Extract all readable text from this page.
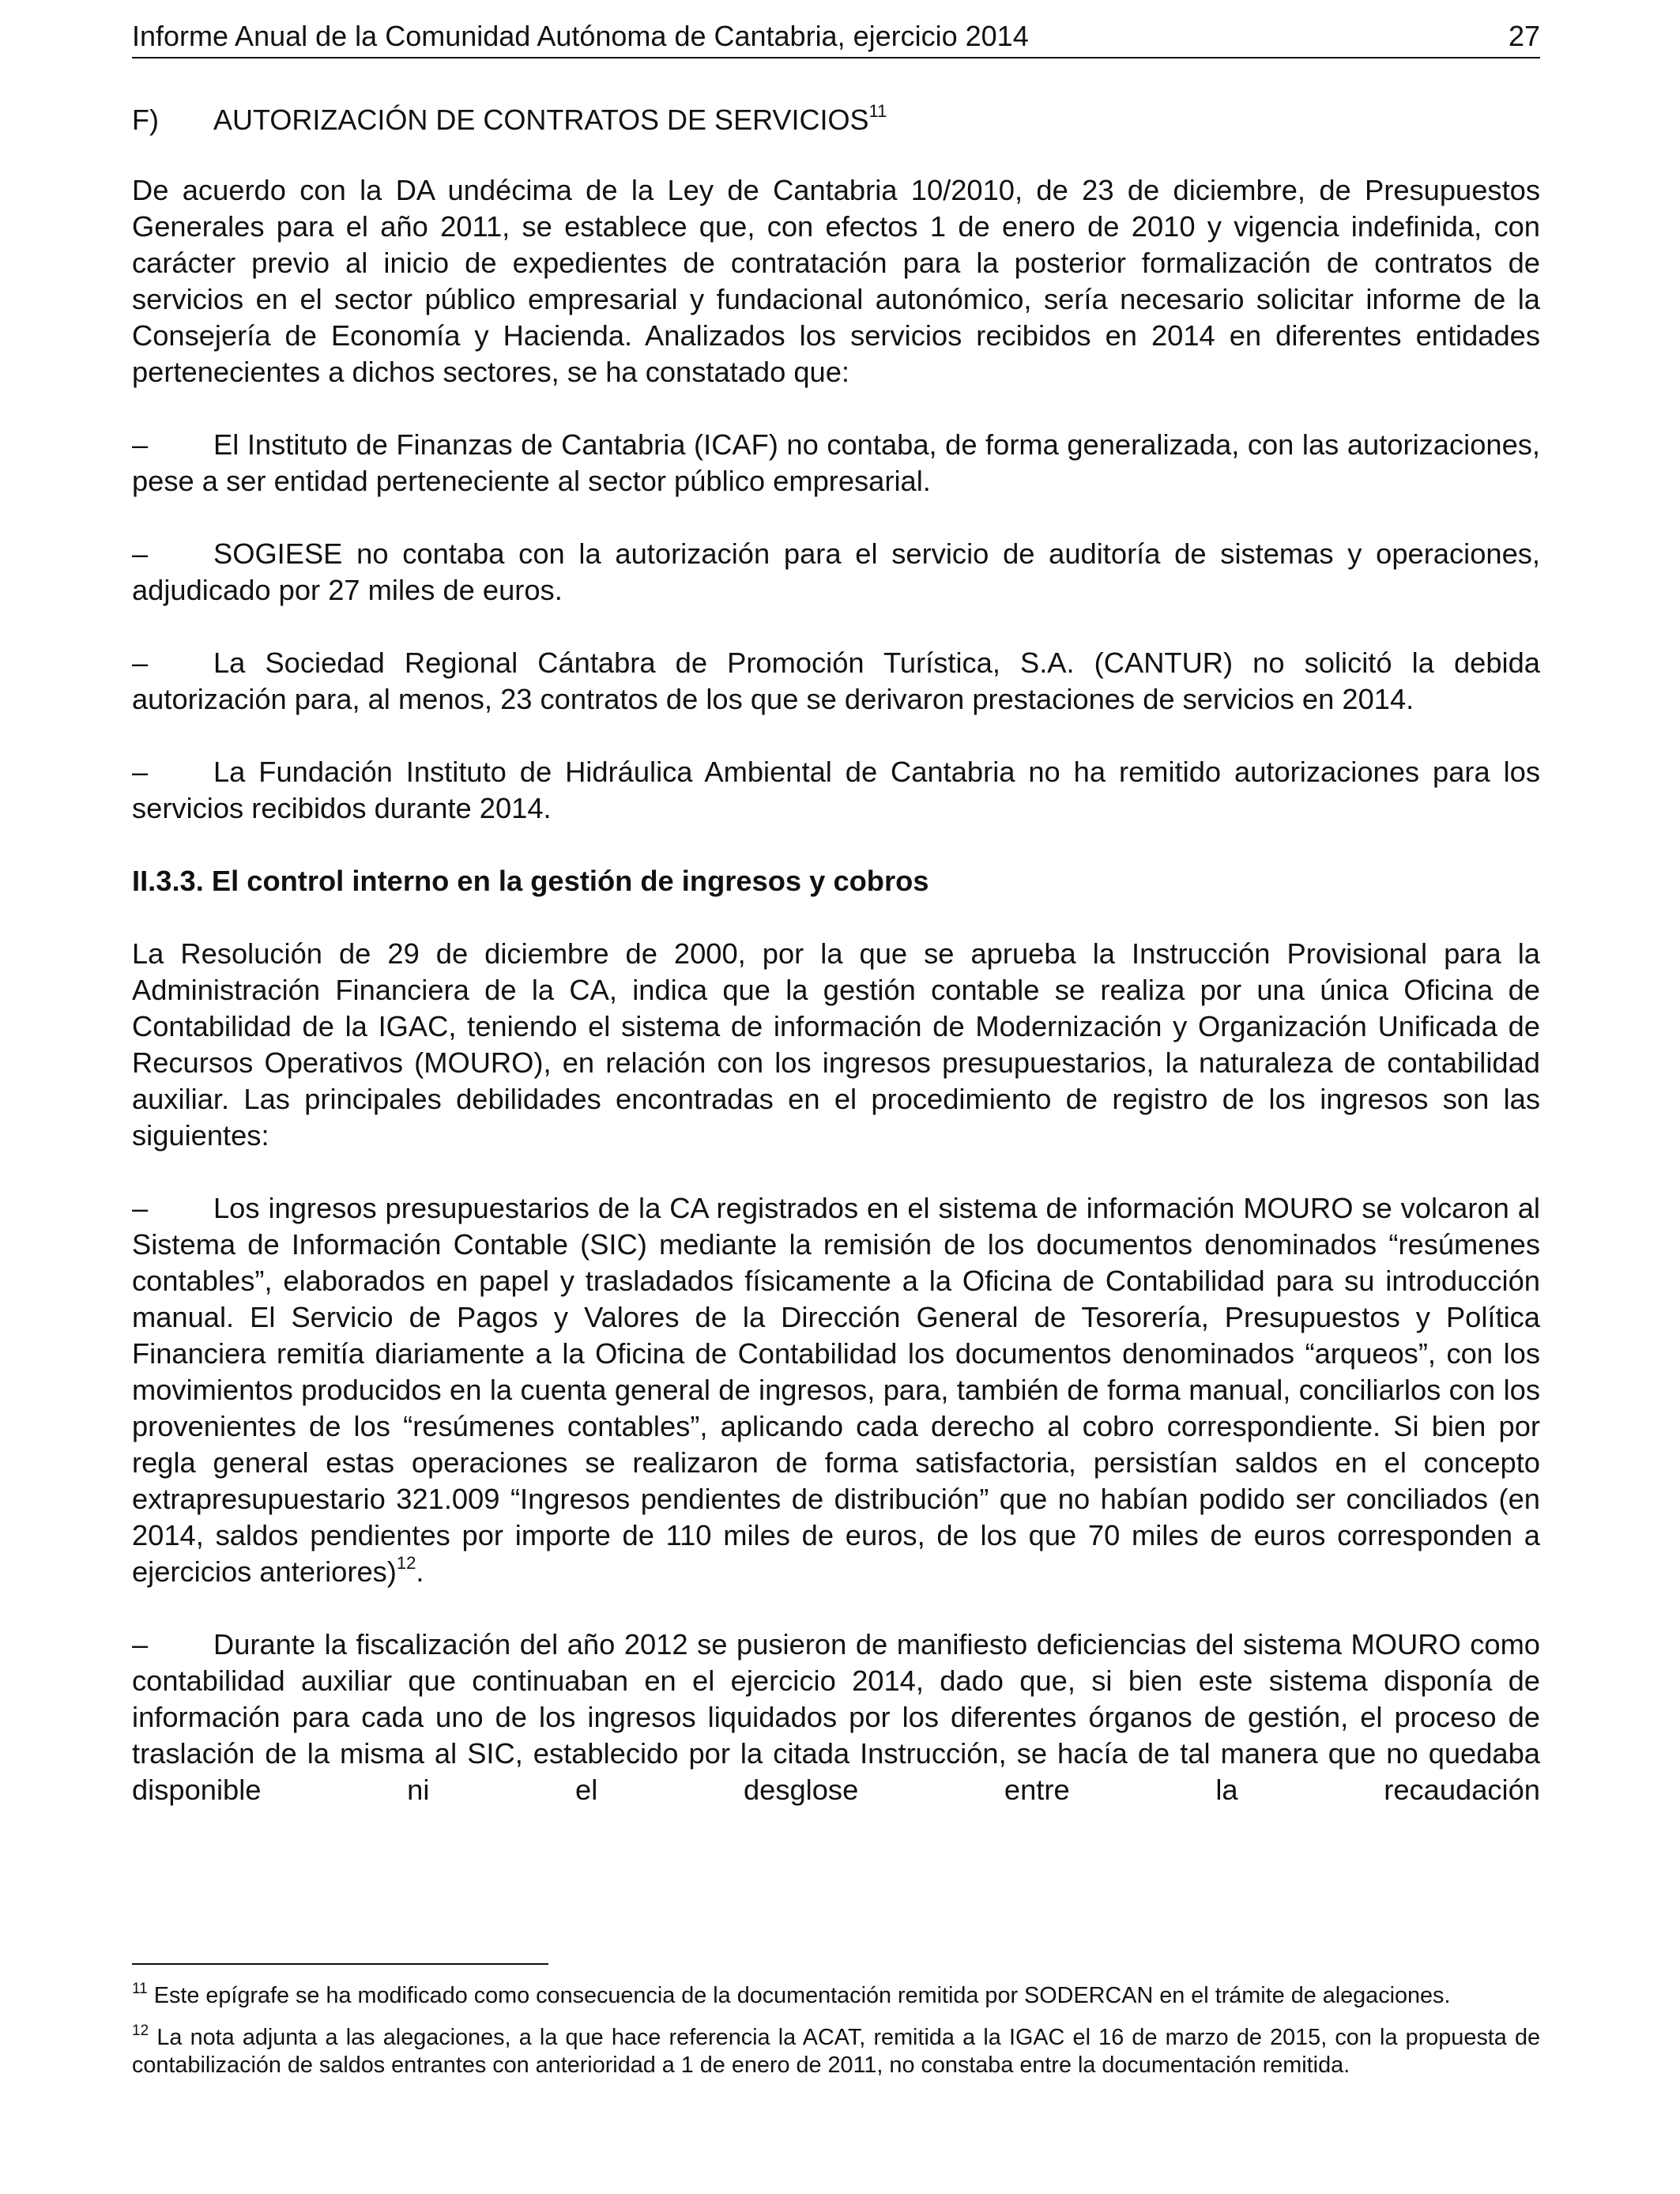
Informe Anual de la Comunidad Autónoma de Cantabria, ejercicio 2014	27
F) AUTORIZACIÓN DE CONTRATOS DE SERVICIOS$^{11}$

De acuerdo con la DA undécima de la Ley de Cantabria 10/2010, de 23 de diciembre, de Presupuestos Generales para el año 2011, se establece que, con efectos 1 de enero de 2010 y vigencia indefinida, con carácter previo al inicio de expedientes de contratación para la posterior formalización de contratos de servicios en el sector público empresarial y fundacional autonómico, sería necesario solicitar informe de la Consejería de Economía y Hacienda. Analizados los servicios recibidos en 2014 en diferentes entidades pertenecientes a dichos sectores, se ha constatado que:

– El Instituto de Finanzas de Cantabria (ICAF) no contaba, de forma generalizada, con las autorizaciones, pese a ser entidad perteneciente al sector público empresarial.

– SOGIESE no contaba con la autorización para el servicio de auditoría de sistemas y operaciones, adjudicado por 27 miles de euros.

– La Sociedad Regional Cántabra de Promoción Turística, S.A. (CANTUR) no solicitó la debida autorización para, al menos, 23 contratos de los que se derivaron prestaciones de servicios en 2014.

– La Fundación Instituto de Hidráulica Ambiental de Cantabria no ha remitido autorizaciones para los servicios recibidos durante 2014.

II.3.3. El control interno en la gestión de ingresos y cobros

La Resolución de 29 de diciembre de 2000, por la que se aprueba la Instrucción Provisional para la Administración Financiera de la CA, indica que la gestión contable se realiza por una única Oficina de Contabilidad de la IGAC, teniendo el sistema de información de Modernización y Organización Unificada de Recursos Operativos (MOURO), en relación con los ingresos presupuestarios, la naturaleza de contabilidad auxiliar. Las principales debilidades encontradas en el procedimiento de registro de los ingresos son las siguientes:

– Los ingresos presupuestarios de la CA registrados en el sistema de información MOURO se volcaron al Sistema de Información Contable (SIC) mediante la remisión de los documentos denominados “resúmenes contables”, elaborados en papel y trasladados físicamente a la Oficina de Contabilidad para su introducción manual. El Servicio de Pagos y Valores de la Dirección General de Tesorería, Presupuestos y Política Financiera remitía diariamente a la Oficina de Contabilidad los documentos denominados “arqueos”, con los movimientos producidos en la cuenta general de ingresos, para, también de forma manual, conciliarlos con los provenientes de los “resúmenes contables”, aplicando cada derecho al cobro correspondiente. Si bien por regla general estas operaciones se realizaron de forma satisfactoria, persistían saldos en el concepto extrapresupuestario 321.009 “Ingresos pendientes de distribución” que no habían podido ser conciliados (en 2014, saldos pendientes por importe de 110 miles de euros, de los que 70 miles de euros corresponden a ejercicios anteriores)$^{12}$.

– Durante la fiscalización del año 2012 se pusieron de manifiesto deficiencias del sistema MOURO como contabilidad auxiliar que continuaban en el ejercicio 2014, dado que, si bien este sistema disponía de información para cada uno de los ingresos liquidados por los diferentes órganos de gestión, el proceso de traslación de la misma al SIC, establecido por la citada Instrucción, se hacía de tal manera que no quedaba disponible ni el desglose entre la recaudación

$^{11}$ Este epígrafe se ha modificado como consecuencia de la documentación remitida por SODERCAN en el trámite de alegaciones.

$^{12}$ La nota adjunta a las alegaciones, a la que hace referencia la ACAT, remitida a la IGAC el 16 de marzo de 2015, con la propuesta de contabilización de saldos entrantes con anterioridad a 1 de enero de 2011, no constaba entre la documentación remitida.
